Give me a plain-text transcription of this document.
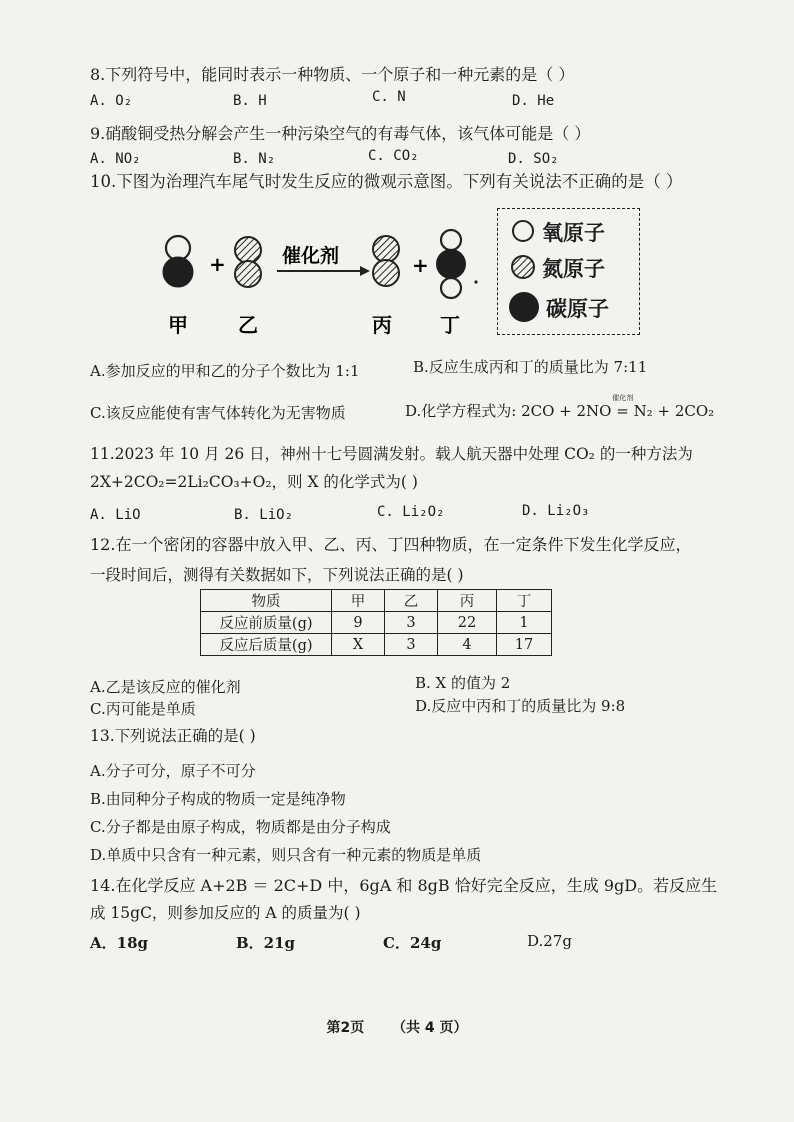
8.下列符号中，能同时表示一种物质、一个原子和一种元素的是（ ）
A. O₂	B. H	C. N	D. He
9.硝酸铜受热分解会产生一种污染空气的有毒气体，该气体可能是（ ）
A. NO₂	B. N₂	C. CO₂	D. SO₂
10.下图为治理汽车尾气时发生反应的微观示意图。下列有关说法不正确的是（ ）
+	催化剂	+
甲	乙	丙 丁
氧原子
氮原子
碳原子
A.参加反应的甲和乙的分子个数比为 1:1	B.反应生成丙和丁的质量比为 7:11
C.该反应能使有害气体转化为无害物质	D.化学方程式为: 2CO + 2NO
催化剂
= N₂ + 2CO₂
11.2023 年 10 月 26 日，神州十七号圆满发射。载人航天器中处理 CO₂ 的一种方法为
2X+2CO₂=2Li₂CO₃+O₂，则 X 的化学式为( )
A. LiO	B. LiO₂	C. Li₂O₂	D. Li₂O₃
12.在一个密闭的容器中放入甲、乙、丙、丁四种物质，在一定条件下发生化学反应，
一段时间后，测得有关数据如下，下列说法正确的是( )
物质	甲	乙	丙	丁
反应前质量(g)	9	3	22	1
反应后质量(g)	X	3	4	17
A.乙是该反应的催化剂	B. X 的值为 2
C.丙可能是单质	D.反应中丙和丁的质量比为 9:8
13.下列说法正确的是( )
A.分子可分，原子不可分
B.由同种分子构成的物质一定是纯净物
C.分子都是由原子构成，物质都是由分子构成
D.单质中只含有一种元素，则只含有一种元素的物质是单质
14.在化学反应 A+2B ＝ 2C+D 中，6gA 和 8gB 恰好完全反应，生成 9gD。若反应生
成 15gC，则参加反应的 A 的质量为( )
A．18g	B．21g	C．24g	D.27g
第2页 （共 4 页）
